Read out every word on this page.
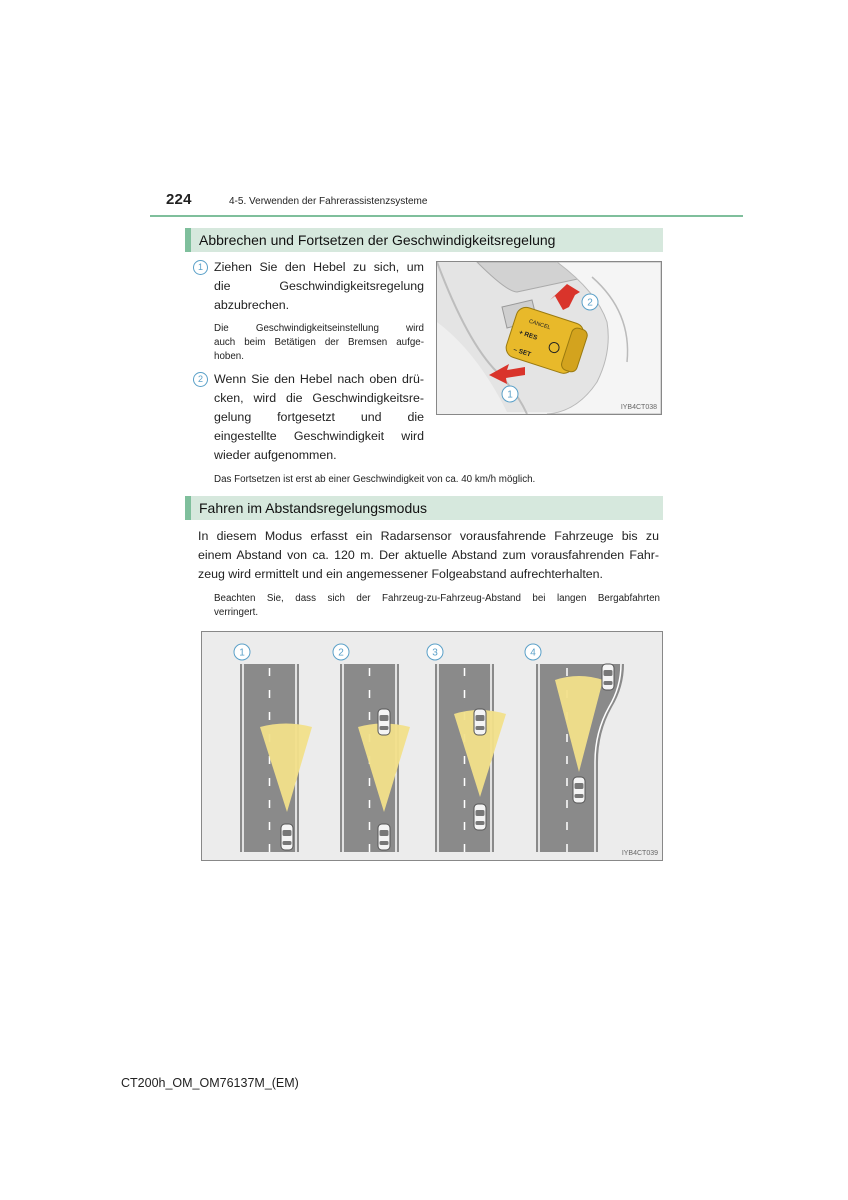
224	4-5. Verwenden der Fahrerassistenzsysteme
Abbrechen und Fortsetzen der Geschwindigkeitsregelung
1 Ziehen Sie den Hebel zu sich, um
die Geschwindigkeitsregelung
abzubrechen.
Die Geschwindigkeitseinstellung wird
auch beim Betätigen der Bremsen aufge-
hoben.
2 Wenn Sie den Hebel nach oben drü-
cken, wird die Geschwindigkeitsre-
gelung fortgesetzt und die
eingestellte Geschwindigkeit wird
wieder aufgenommen.
CANCEL
+ RES
– SET
2
1
IYB4CT038
Das Fortsetzen ist erst ab einer Geschwindigkeit von ca. 40 km/h möglich.
Fahren im Abstandsregelungsmodus
In diesem Modus erfasst ein Radarsensor vorausfahrende Fahrzeuge bis zu
einem Abstand von ca. 120 m. Der aktuelle Abstand zum vorausfahrenden Fahr-
zeug wird ermittelt und ein angemessener Folgeabstand aufrechterhalten.
Beachten Sie, dass sich der Fahrzeug-zu-Fahrzeug-Abstand bei langen Bergabfahrten
verringert.
1	2	3	4
IYB4CT039
CT200h_OM_OM76137M_(EM)
